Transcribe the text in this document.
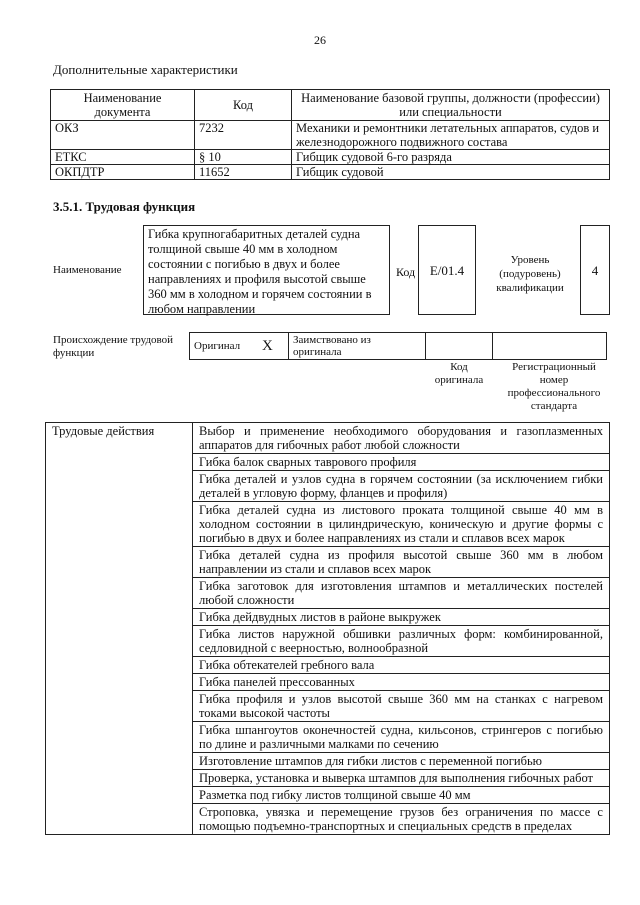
26
Дополнительные характеристики
Наименование документа	Код	Наименование базовой группы, должности (профессии) или специальности
ОКЗ	7232	Механики и ремонтники летательных аппаратов, судов и железнодорожного подвижного состава
ЕТКС	§ 10	Гибщик судовой 6-го разряда
ОКПДТР	11652	Гибщик судовой
3.5.1. Трудовая функция
Наименование
Гибка крупногабаритных деталей судна толщиной свыше 40 мм в холодном состоянии с погибью в двух и более направлениях и профиля высотой свыше 360 мм в холодном и горячем состоянии в любом направлении
Код	E/01.4
Уровень (подуровень) квалификации
4
Происхождение трудовой функции
Оригинал	X	Заимствовано из оригинала		
Код оригинала
Регистрационный номер профессионального стандарта
Трудовые действия	Выбор и применение необходимого оборудования и газоплазменных аппаратов для гибочных работ любой сложности
Гибка балок сварных таврового профиля
Гибка деталей и узлов судна в горячем состоянии (за исключением гибки деталей в угловую форму, фланцев и профиля)
Гибка деталей судна из листового проката толщиной свыше 40 мм в холодном состоянии в цилиндрическую, коническую и другие формы с погибью в двух и более направлениях из стали и сплавов всех марок
Гибка деталей судна из профиля высотой свыше 360 мм в любом направлении из стали и сплавов всех марок
Гибка заготовок для изготовления штампов и металлических постелей любой сложности
Гибка дейдвудных листов в районе выкружек
Гибка листов наружной обшивки различных форм: комбинированной, седловидной с веерностью, волнообразной
Гибка обтекателей гребного вала
Гибка панелей прессованных
Гибка профиля и узлов высотой свыше 360 мм на станках с нагревом токами высокой частоты
Гибка шпангоутов оконечностей судна, кильсонов, стрингеров с погибью по длине и различными малками по сечению
Изготовление штампов для гибки листов с переменной погибью
Проверка, установка и выверка штампов для выполнения гибочных работ
Разметка под гибку листов толщиной свыше 40 мм
Строповка, увязка и перемещение грузов без ограничения по массе с помощью подъемно-транспортных и специальных средств в пределах
